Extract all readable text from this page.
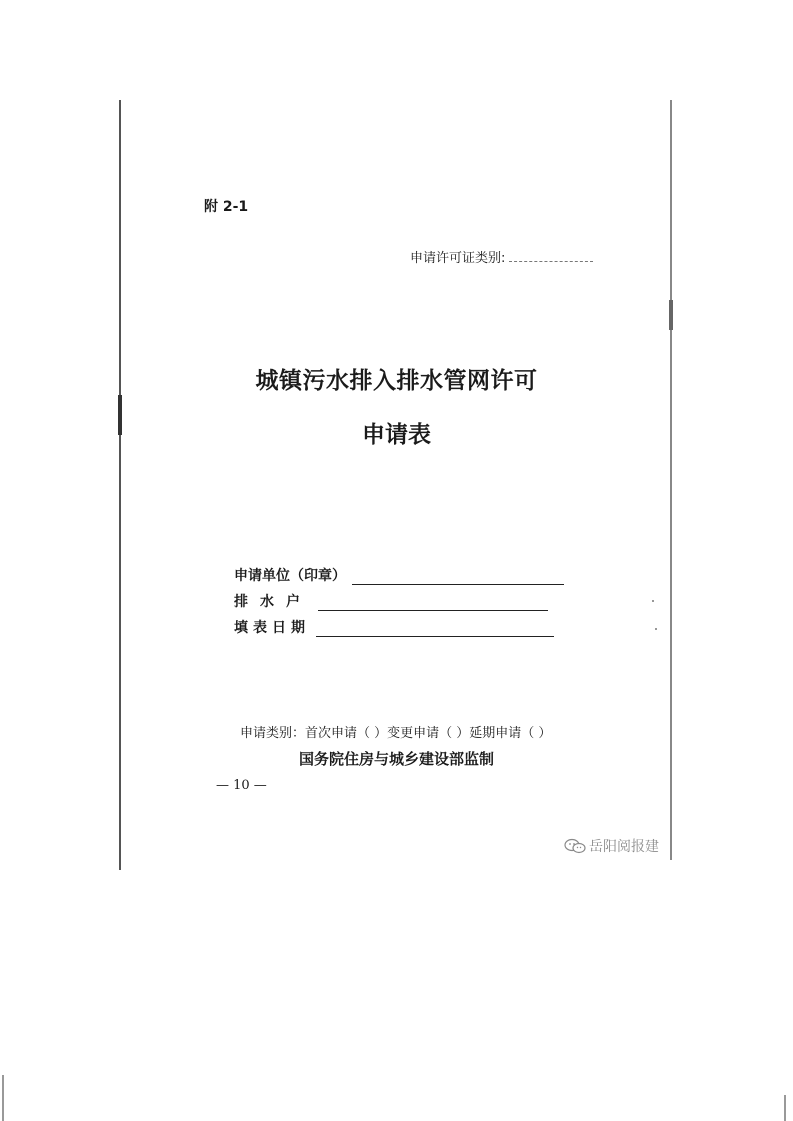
附 2-1
申请许可证类别:
城镇污水排入排水管网许可
申请表
申请单位（印章）
排水户
填表日期
申请类别：首次申请（ ）变更申请（ ）延期申请（ ）
国务院住房与城乡建设部监制
— 10 —
岳阳阅报建
